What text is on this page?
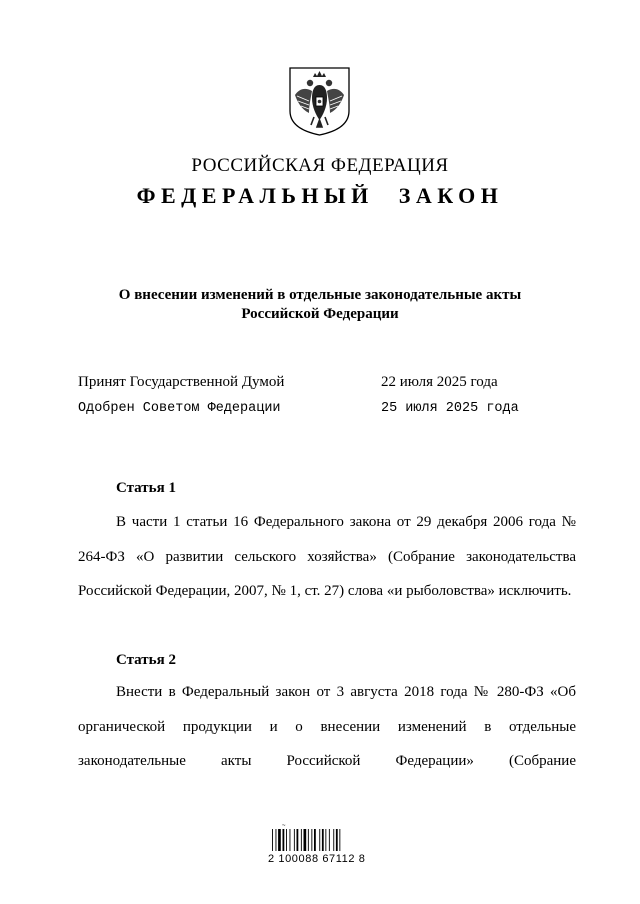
РОССИЙСКАЯ ФЕДЕРАЦИЯ
ФЕДЕРАЛЬНЫЙ ЗАКОН
О внесении изменений в отдельные законодательные акты
Российской Федерации
Принят Государственной Думой	22 июля 2025 года
Одобрен Советом Федерации	25 июля 2025 года
Статья 1
В части 1 статьи 16 Федерального закона от 29 декабря 2006 года № 264-ФЗ «О развитии сельского хозяйства» (Собрание законодательства Российской Федерации, 2007, № 1, ст. 27) слова «и рыболовства» исключить.
Статья 2
Внести в Федеральный закон от 3 августа 2018 года № 280-ФЗ «Об органической продукции и о внесении изменений в отдельные законодательные акты Российской Федерации» (Собрание
~
2 100088 67112 8
